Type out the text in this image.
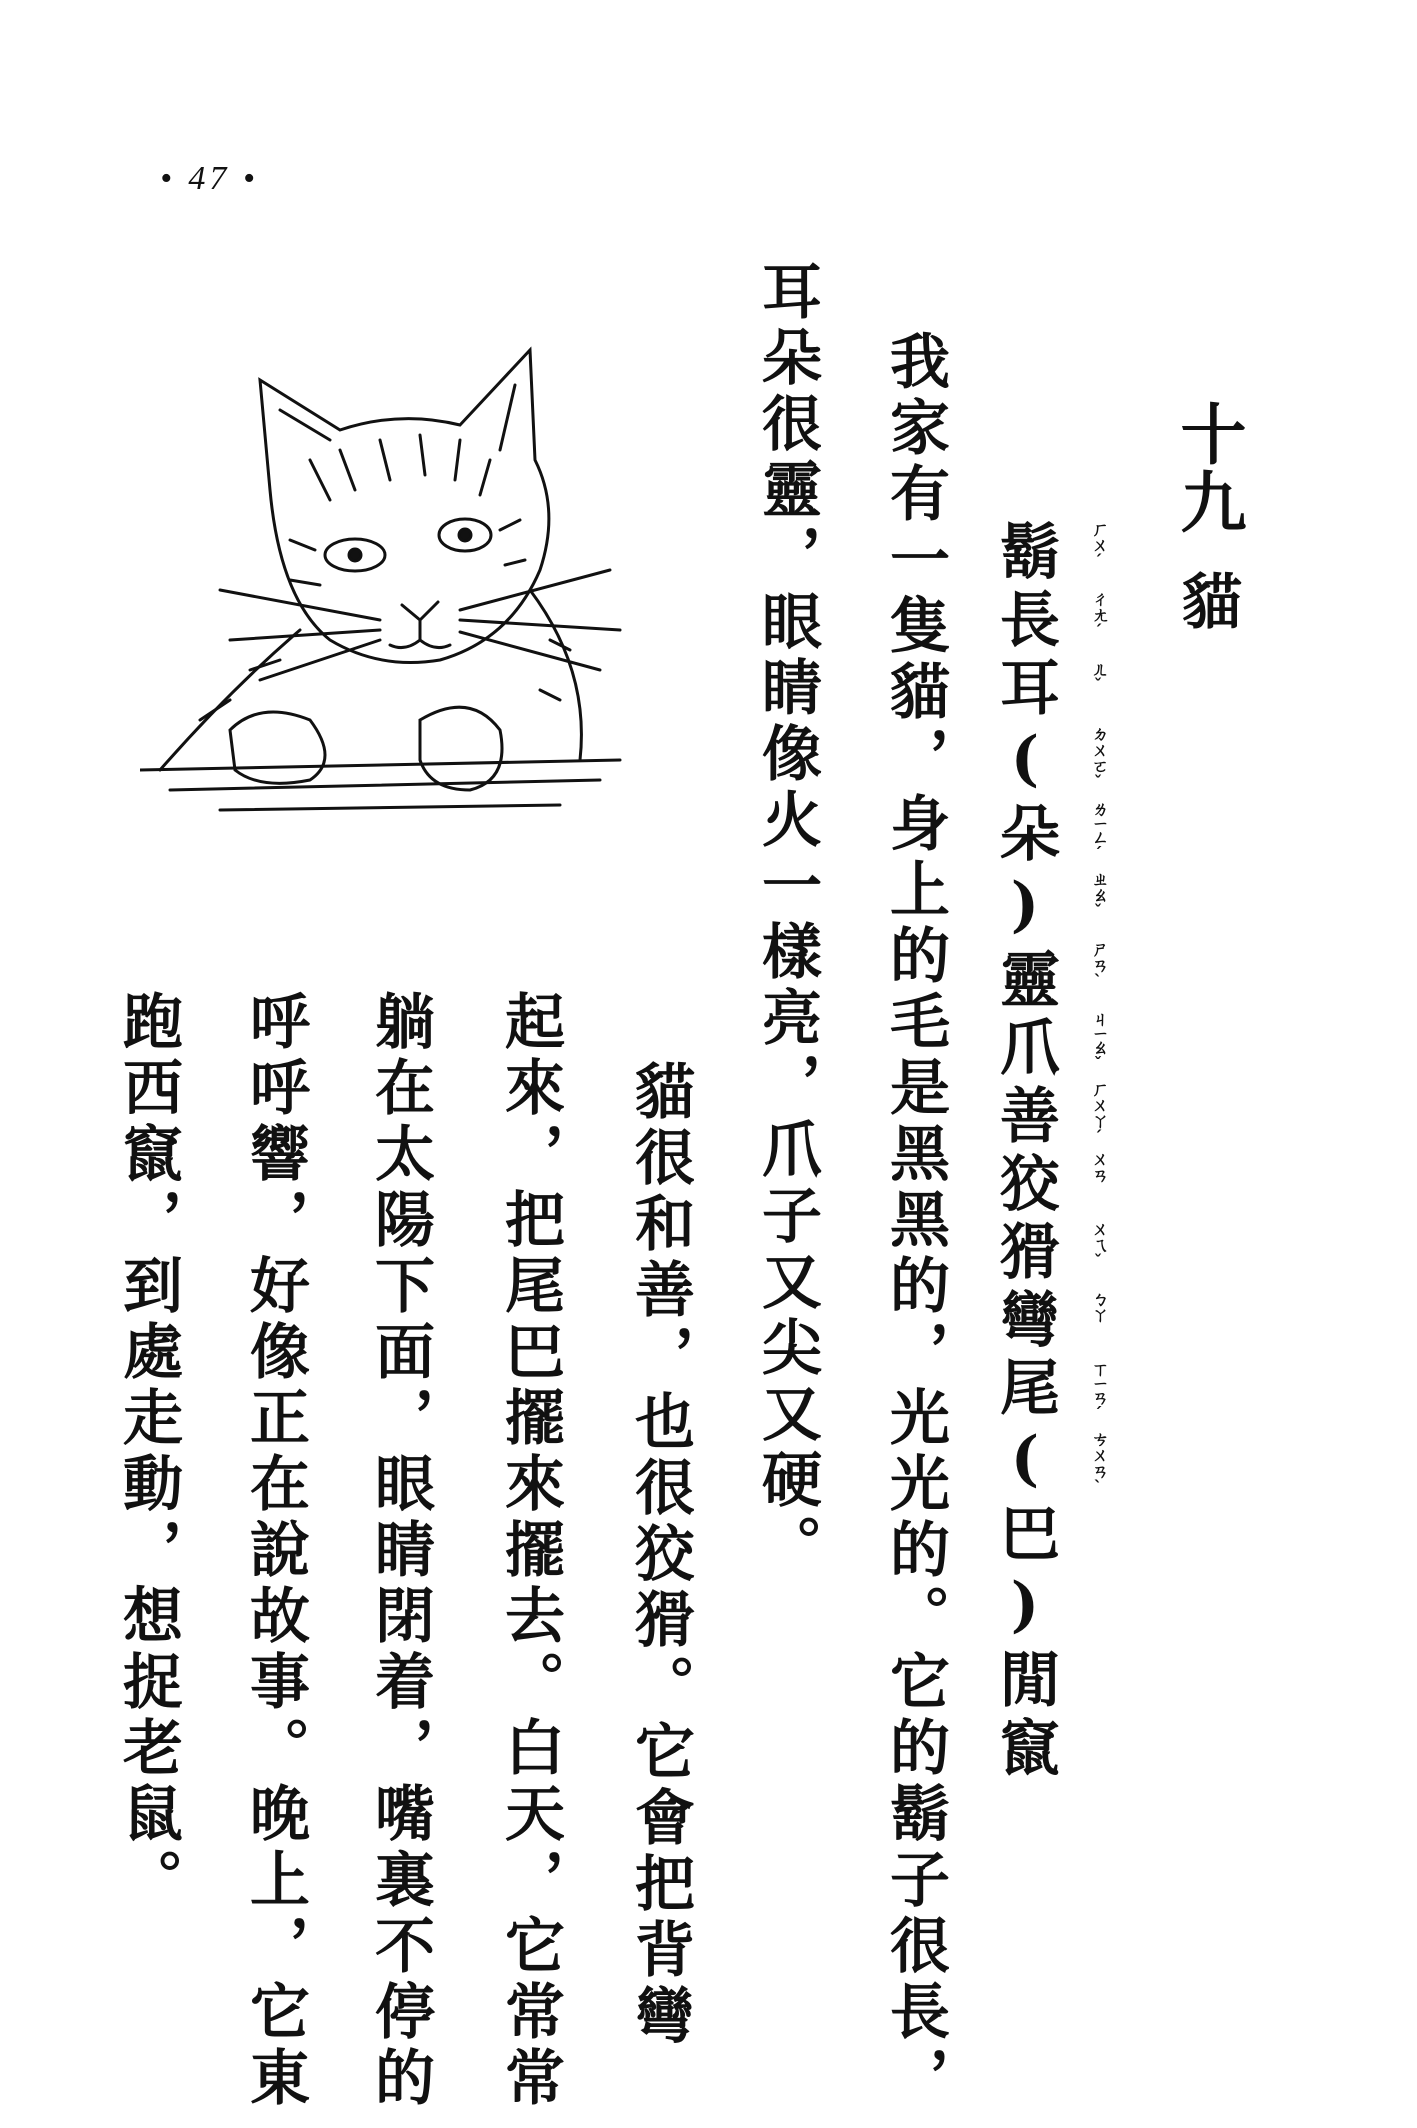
• 47 •
十九
貓
鬍長耳(朵)靈爪善狡猾彎尾(巴)閒竄	ㄏㄨˊ
ㄔㄤˊ
ㄦˇ
ㄉㄨㄛˇ
ㄌㄧㄥˊ
ㄓㄠˇ
ㄕㄢˋ
ㄐㄧㄠˇ
ㄏㄨㄚˊ
ㄨㄢ
ㄨㄟˇ
ㄅㄚ
ㄒㄧㄢˊ
ㄘㄨㄢˋ
我家有一隻貓，身上的毛是黑黑的，光光的。它的鬍子很長，
耳朵很靈，眼睛像火一樣亮，爪子又尖又硬。
貓很和善，也很狡猾。它會把背彎
起來，把尾巴擺來擺去。白天，它常常
躺在太陽下面，眼睛閉着，嘴裏不停的
呼呼響，好像正在說故事。晚上，它東
跑西竄，到處走動，想捉老鼠。
